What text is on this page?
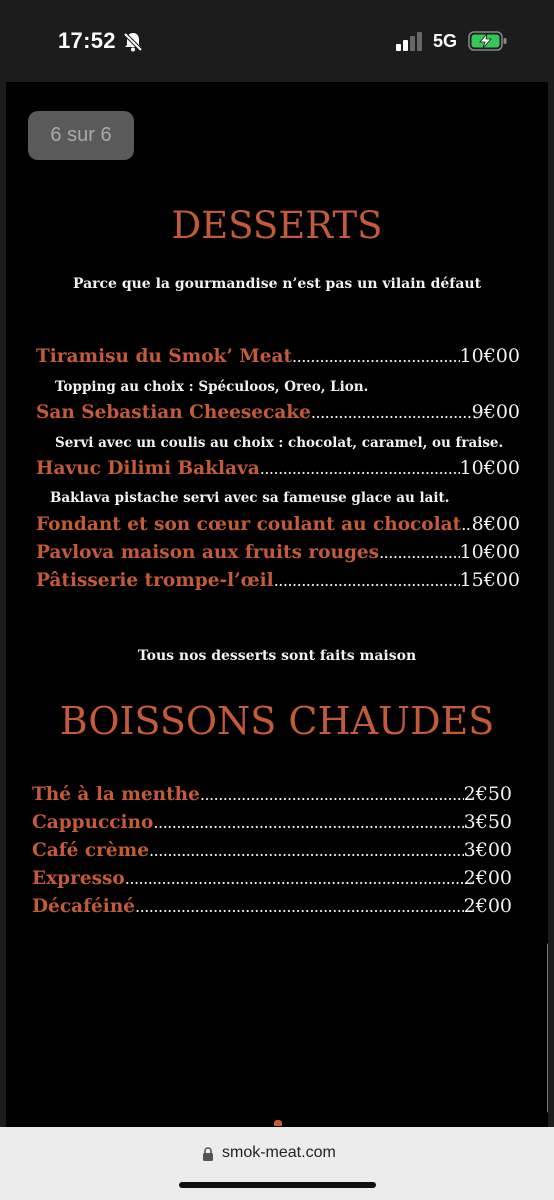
17:52	5G
6 sur 6
DESSERTS
Parce que la gourmandise n’est pas un vilain défaut
Tiramisu du Smok’ Meat .....	10€00
Topping au choix : Spéculoos, Oreo, Lion.
San Sebastian Cheesecake .....	9€00
Servi avec un coulis au choix : chocolat, caramel, ou fraise.
Havuc Dilimi Baklava .....	10€00
Baklava pistache servi avec sa fameuse glace au lait.
Fondant et son cœur coulant au chocolat ..... 8€00
Pavlova maison aux fruits rouges .....	10€00
Pâtisserie trompe-l’œil .....	15€00
Tous nos desserts sont faits maison
BOISSONS CHAUDES
Thé à la menthe .....	2€50
Cappuccino .....	3€50
Café crème .....	3€00
Expresso .....	2€00
Décaféiné .....	2€00
smok-meat.com
